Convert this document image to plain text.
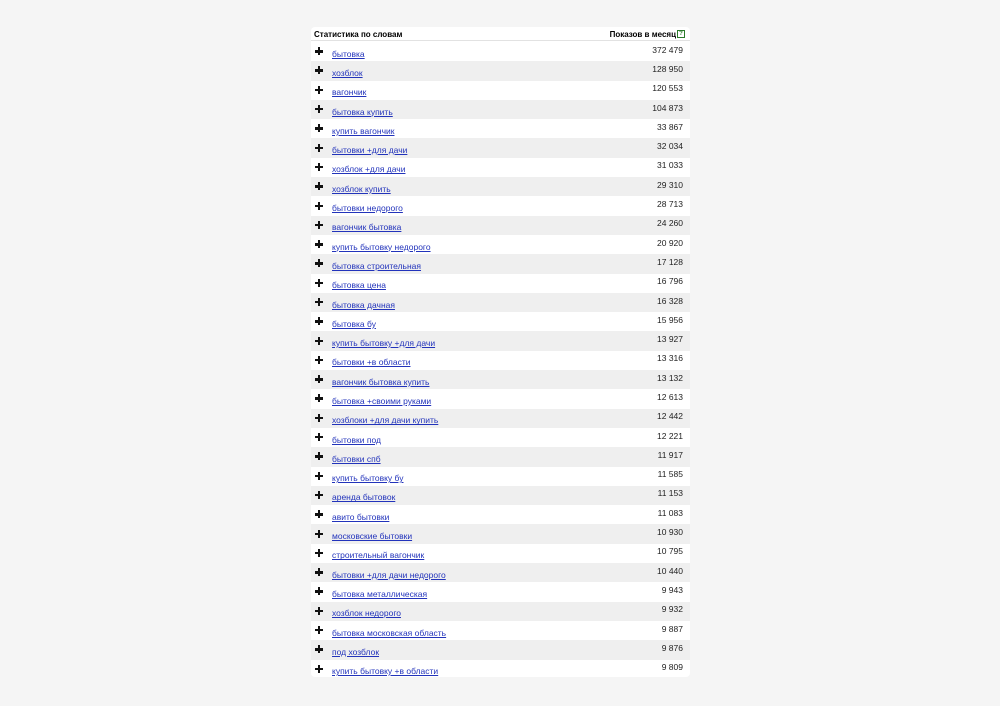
Статистика по словам	Показов в месяц ?
бытовка	372 479
хозблок	128 950
вагончик	120 553
бытовка купить	104 873
купить вагончик	33 867
бытовки +для дачи	32 034
хозблок +для дачи	31 033
хозблок купить	29 310
бытовки недорого	28 713
вагончик бытовка	24 260
купить бытовку недорого	20 920
бытовка строительная	17 128
бытовка цена	16 796
бытовка дачная	16 328
бытовка бу	15 956
купить бытовку +для дачи	13 927
бытовки +в области	13 316
вагончик бытовка купить	13 132
бытовка +своими руками	12 613
хозблоки +для дачи купить	12 442
бытовки под	12 221
бытовки спб	11 917
купить бытовку бу	11 585
аренда бытовок	11 153
авито бытовки	11 083
московские бытовки	10 930
строительный вагончик	10 795
бытовки +для дачи недорого	10 440
бытовка металлическая	9 943
хозблок недорого	9 932
бытовка московская область	9 887
под хозблок	9 876
купить бытовку +в области	9 809
